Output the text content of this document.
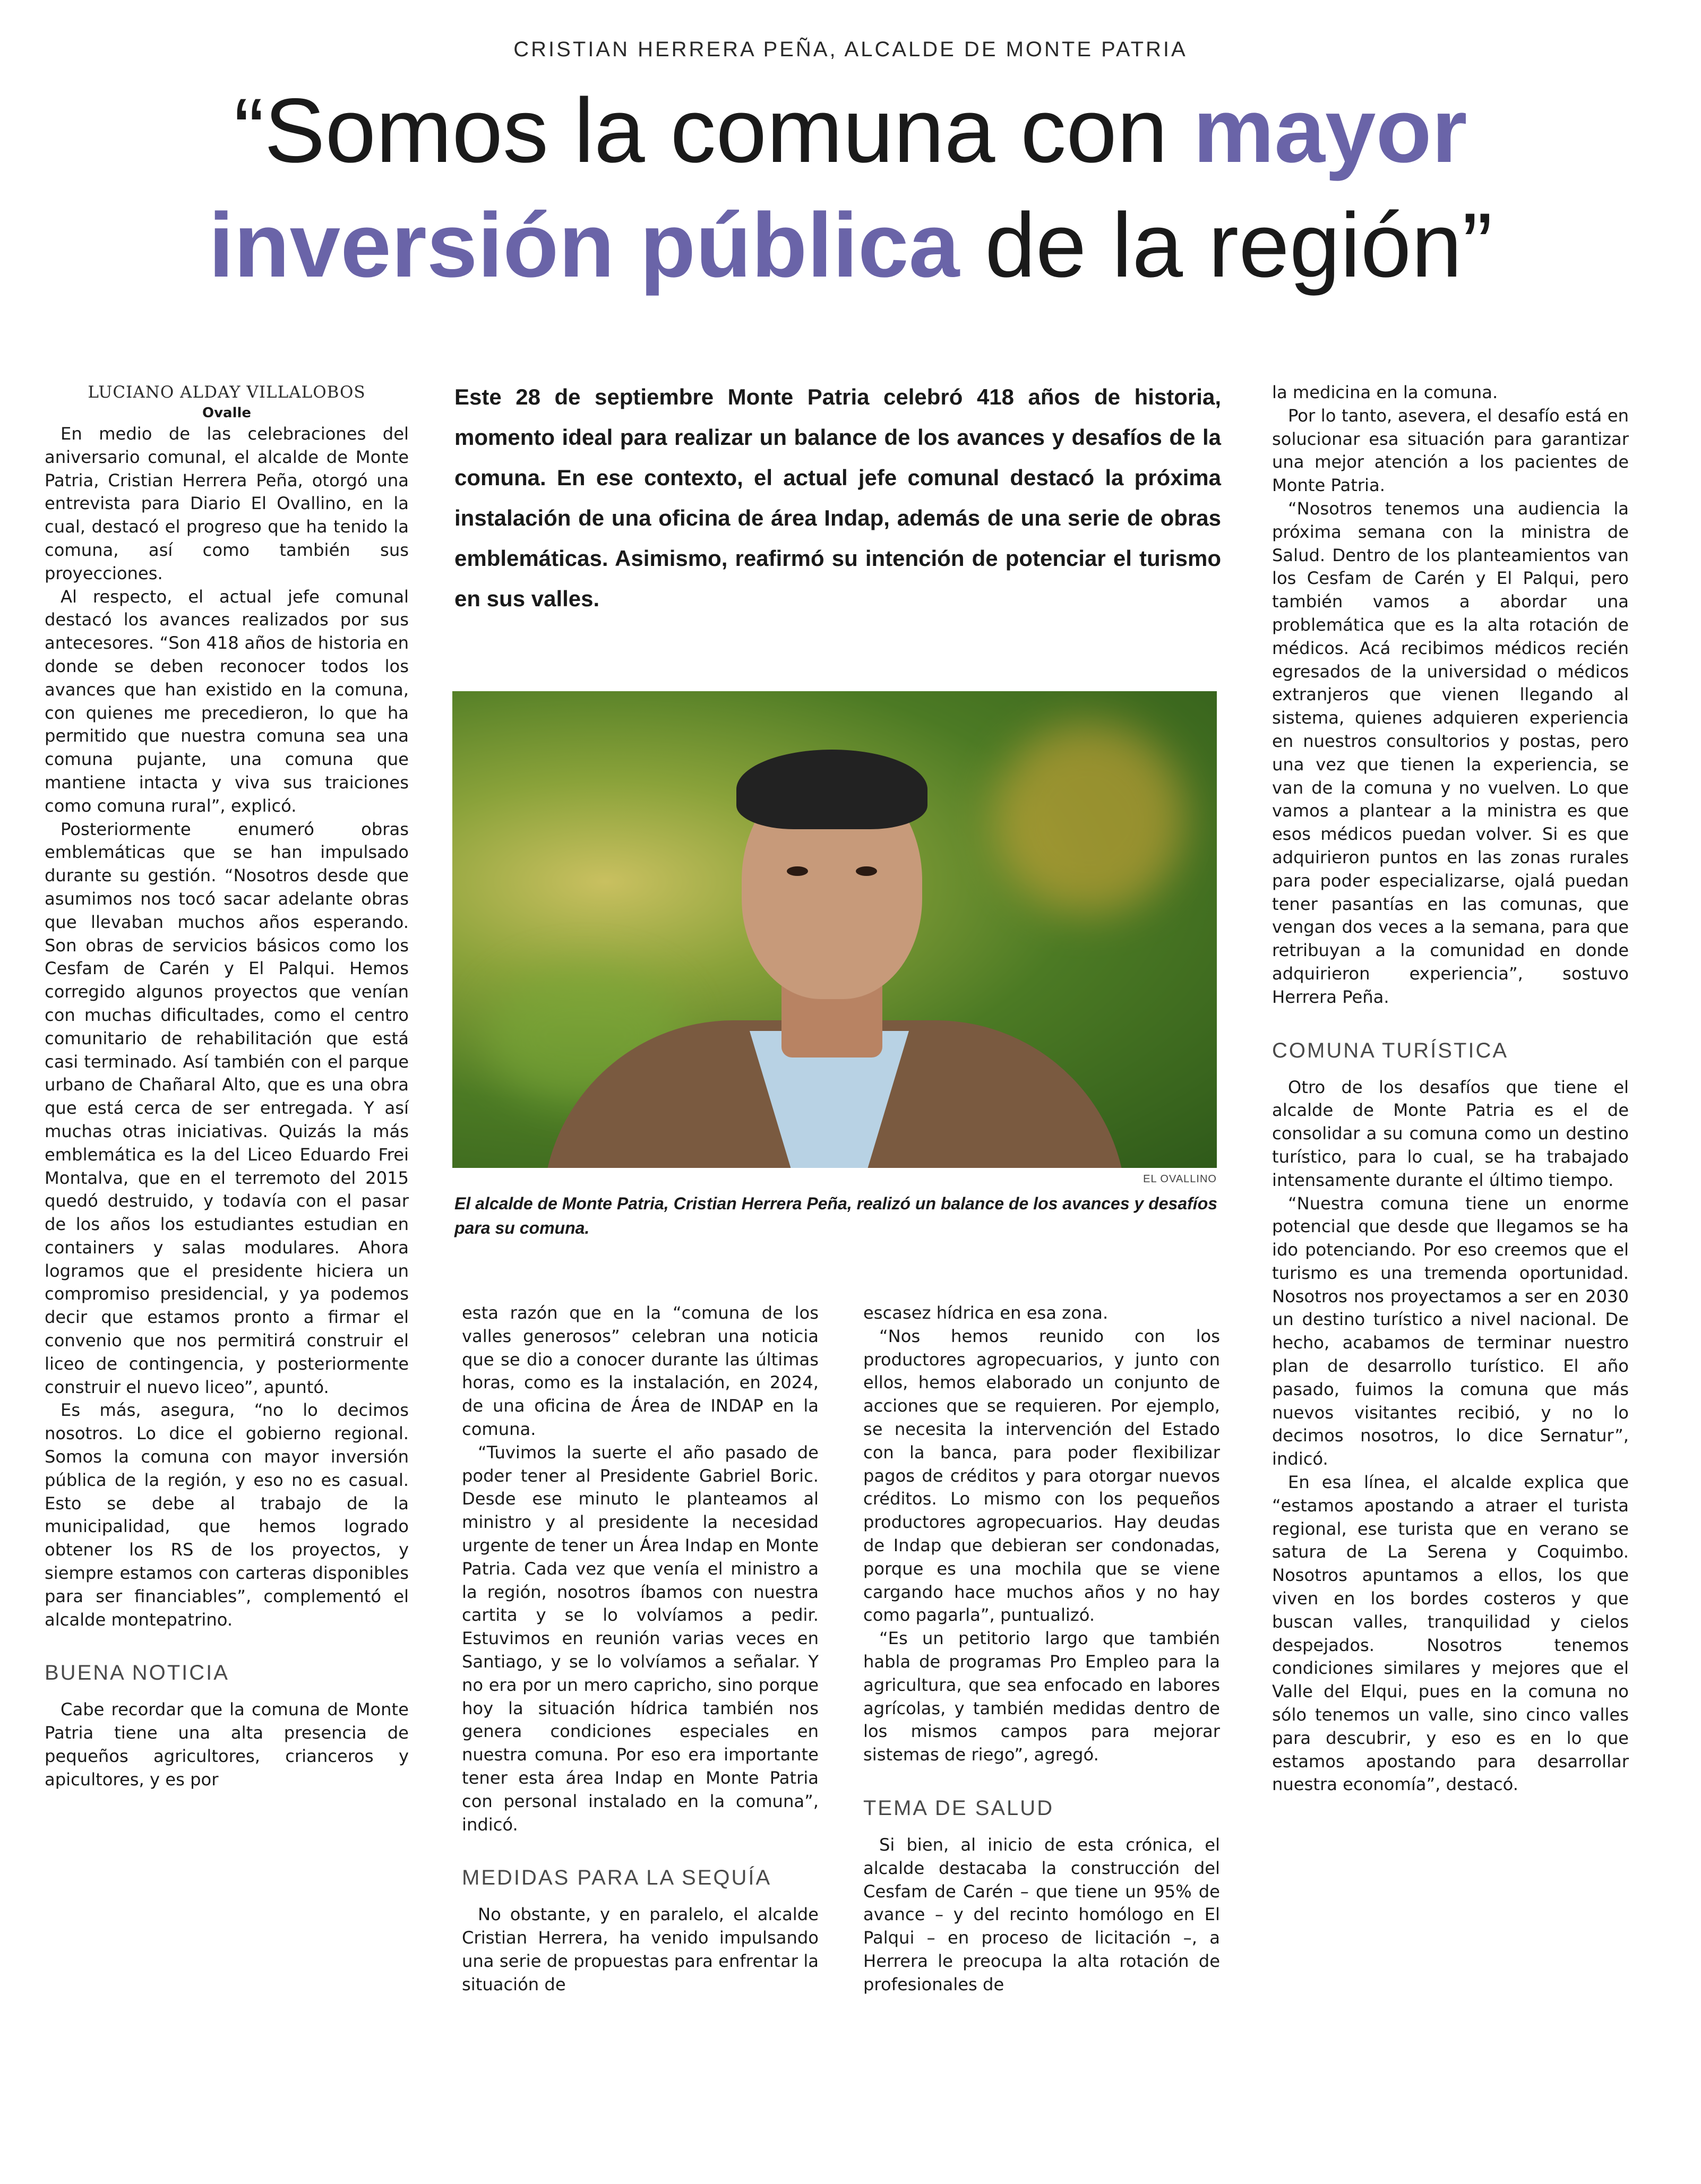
CRISTIAN HERRERA PEÑA, ALCALDE DE MONTE PATRIA
“Somos la comuna con mayor
inversión pública de la región”
LUCIANO ALDAY VILLALOBOS
Ovalle

En medio de las celebraciones del aniversario comunal, el alcalde de Monte Patria, Cristian Herrera Peña, otorgó una entrevista para Diario El Ovallino, en la cual, destacó el progreso que ha tenido la comuna, así como también sus proyecciones.

Al respecto, el actual jefe comunal destacó los avances realizados por sus antecesores. “Son 418 años de historia en donde se deben reconocer todos los avances que han existido en la comuna, con quienes me precedieron, lo que ha permitido que nuestra comuna sea una comuna pujante, una comuna que mantiene intacta y viva sus traiciones como comuna rural”, explicó.

Posteriormente enumeró obras emblemáticas que se han impulsado durante su gestión. “Nosotros desde que asumimos nos tocó sacar adelante obras que llevaban muchos años esperando. Son obras de servicios básicos como los Cesfam de Carén y El Palqui. Hemos corregido algunos proyectos que venían con muchas dificultades, como el centro comunitario de rehabilitación que está casi terminado. Así también con el parque urbano de Chañaral Alto, que es una obra que está cerca de ser entregada. Y así muchas otras iniciativas. Quizás la más emblemática es la del Liceo Eduardo Frei Montalva, que en el terremoto del 2015 quedó destruido, y todavía con el pasar de los años los estudiantes estudian en containers y salas modulares. Ahora logramos que el presidente hiciera un compromiso presidencial, y ya podemos decir que estamos pronto a firmar el convenio que nos permitirá construir el liceo de contingencia, y posteriormente construir el nuevo liceo”, apuntó.

Es más, asegura, “no lo decimos nosotros. Lo dice el gobierno regional. Somos la comuna con mayor inversión pública de la región, y eso no es casual. Esto se debe al trabajo de la municipalidad, que hemos logrado obtener los RS de los proyectos, y siempre estamos con carteras disponibles para ser financiables”, complementó el alcalde montepatrino.

BUENA NOTICIA

Cabe recordar que la comuna de Monte Patria tiene una alta presencia de pequeños agricultores, crianceros y apicultores, y es por

Este 28 de septiembre Monte Patria celebró 418 años de historia, momento ideal para realizar un balance de los avances y desafíos de la comuna. En ese contexto, el actual jefe comunal destacó la próxima instalación de una oficina de área Indap, además de una serie de obras emblemáticas. Asimismo, reafirmó su intención de potenciar el turismo en sus valles.

EL OVALLINO

El alcalde de Monte Patria, Cristian Herrera Peña, realizó un balance de los avances y desafíos para su comuna.

esta razón que en la “comuna de los valles generosos” celebran una noticia que se dio a conocer durante las últimas horas, como es la instalación, en 2024, de una oficina de Área de INDAP en la comuna.

“Tuvimos la suerte el año pasado de poder tener al Presidente Gabriel Boric. Desde ese minuto le planteamos al ministro y al presidente la necesidad urgente de tener un Área Indap en Monte Patria. Cada vez que venía el ministro a la región, nosotros íbamos con nuestra cartita y se lo volvíamos a pedir. Estuvimos en reunión varias veces en Santiago, y se lo volvíamos a señalar. Y no era por un mero capricho, sino porque hoy la situación hídrica también nos genera condiciones especiales en nuestra comuna. Por eso era importante tener esta área Indap en Monte Patria con personal instalado en la comuna”, indicó.

MEDIDAS PARA LA SEQUÍA

No obstante, y en paralelo, el alcalde Cristian Herrera, ha venido impulsando una serie de propuestas para enfrentar la situación de

escasez hídrica en esa zona.

“Nos hemos reunido con los productores agropecuarios, y junto con ellos, hemos elaborado un conjunto de acciones que se requieren. Por ejemplo, se necesita la intervención del Estado con la banca, para poder flexibilizar pagos de créditos y para otorgar nuevos créditos. Lo mismo con los pequeños productores agropecuarios. Hay deudas de Indap que debieran ser condonadas, porque es una mochila que se viene cargando hace muchos años y no hay como pagarla”, puntualizó.

“Es un petitorio largo que también habla de programas Pro Empleo para la agricultura, que sea enfocado en labores agrícolas, y también medidas dentro de los mismos campos para mejorar sistemas de riego”, agregó.

TEMA DE SALUD

Si bien, al inicio de esta crónica, el alcalde destacaba la construcción del Cesfam de Carén – que tiene un 95% de avance – y del recinto homólogo en El Palqui – en proceso de licitación –, a Herrera le preocupa la alta rotación de profesionales de

la medicina en la comuna.

Por lo tanto, asevera, el desafío está en solucionar esa situación para garantizar una mejor atención a los pacientes de Monte Patria.

“Nosotros tenemos una audiencia la próxima semana con la ministra de Salud. Dentro de los planteamientos van los Cesfam de Carén y El Palqui, pero también vamos a abordar una problemática que es la alta rotación de médicos. Acá recibimos médicos recién egresados de la universidad o médicos extranjeros que vienen llegando al sistema, quienes adquieren experiencia en nuestros consultorios y postas, pero una vez que tienen la experiencia, se van de la comuna y no vuelven. Lo que vamos a plantear a la ministra es que esos médicos puedan volver. Si es que adquirieron puntos en las zonas rurales para poder especializarse, ojalá puedan tener pasantías en las comunas, que vengan dos veces a la semana, para que retribuyan a la comunidad en donde adquirieron experiencia”, sostuvo Herrera Peña.

COMUNA TURÍSTICA

Otro de los desafíos que tiene el alcalde de Monte Patria es el de consolidar a su comuna como un destino turístico, para lo cual, se ha trabajado intensamente durante el último tiempo.

“Nuestra comuna tiene un enorme potencial que desde que llegamos se ha ido potenciando. Por eso creemos que el turismo es una tremenda oportunidad. Nosotros nos proyectamos a ser en 2030 un destino turístico a nivel nacional. De hecho, acabamos de terminar nuestro plan de desarrollo turístico. El año pasado, fuimos la comuna que más nuevos visitantes recibió, y no lo decimos nosotros, lo dice Sernatur”, indicó.

En esa línea, el alcalde explica que “estamos apostando a atraer el turista regional, ese turista que en verano se satura de La Serena y Coquimbo. Nosotros apuntamos a ellos, los que viven en los bordes costeros y que buscan valles, tranquilidad y cielos despejados. Nosotros tenemos condiciones similares y mejores que el Valle del Elqui, pues en la comuna no sólo tenemos un valle, sino cinco valles para descubrir, y eso es en lo que estamos apostando para desarrollar nuestra economía”, destacó.
